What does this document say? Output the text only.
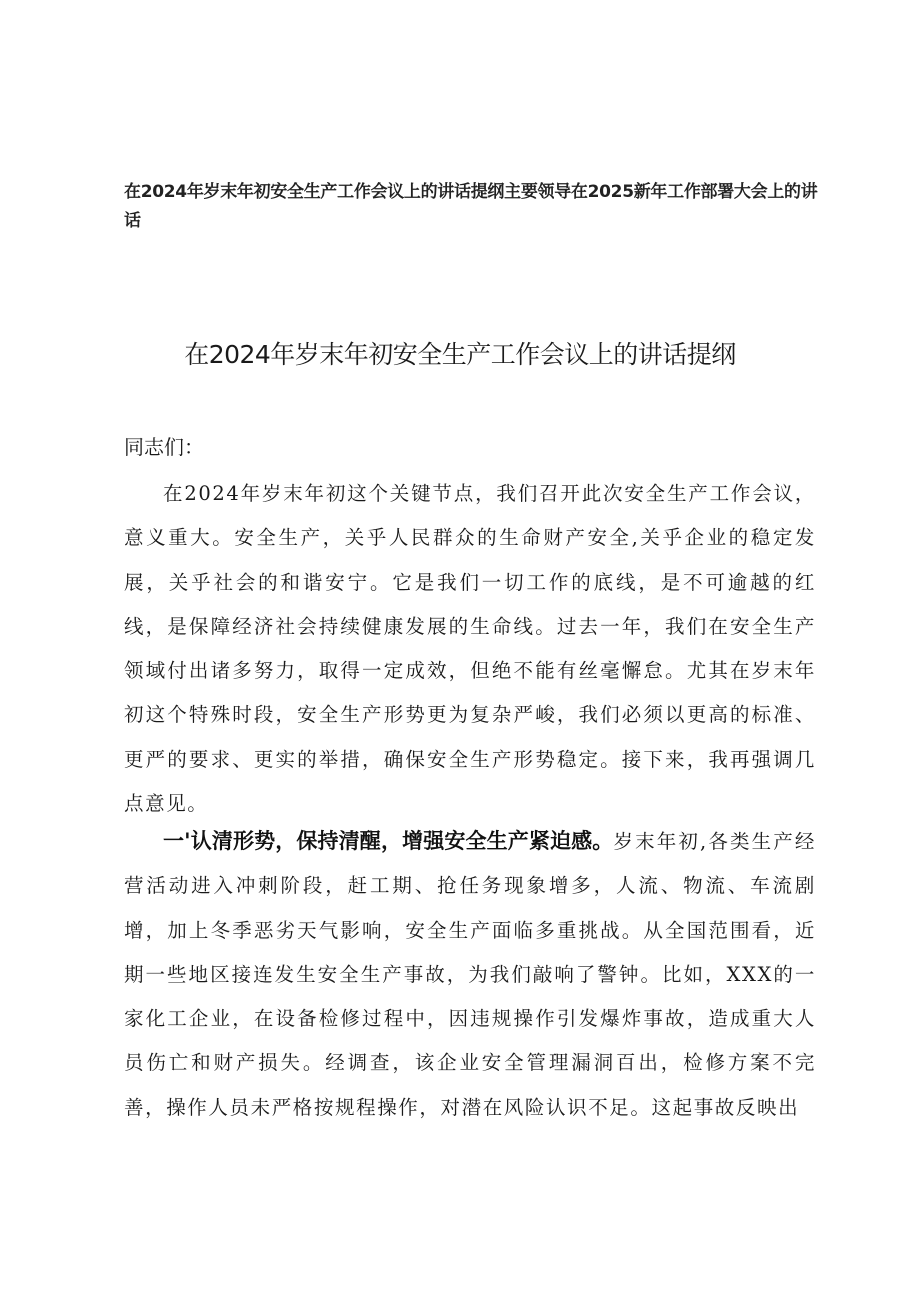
在2024年岁末年初安全生产工作会议上的讲话提纲主要领导在2025新年工作部署大会上的讲话
在2024年岁末年初安全生产工作会议上的讲话提纲
同志们：
在2024年岁末年初这个关键节点，我们召开此次安全生产工作会议，意义重大。安全生产，关乎人民群众的生命财产安全,关乎企业的稳定发展，关乎社会的和谐安宁。它是我们一切工作的底线，是不可逾越的红线，是保障经济社会持续健康发展的生命线。过去一年，我们在安全生产领域付出诸多努力，取得一定成效，但绝不能有丝毫懈怠。尤其在岁末年初这个特殊时段，安全生产形势更为复杂严峻，我们必须以更高的标准、更严的要求、更实的举措，确保安全生产形势稳定。接下来，我再强调几点意见。
一'认清形势，保持清醒，增强安全生产紧迫感。岁末年初,各类生产经营活动进入冲刺阶段，赶工期、抢任务现象增多，人流、物流、车流剧增，加上冬季恶劣天气影响，安全生产面临多重挑战。从全国范围看，近期一些地区接连发生安全生产事故，为我们敲响了警钟。比如，XXX的一家化工企业，在设备检修过程中，因违规操作引发爆炸事故，造成重大人员伤亡和财产损失。经调查，该企业安全管理漏洞百出，检修方案不完善，操作人员未严格按规程操作，对潜在风险认识不足。这起事故反映出
